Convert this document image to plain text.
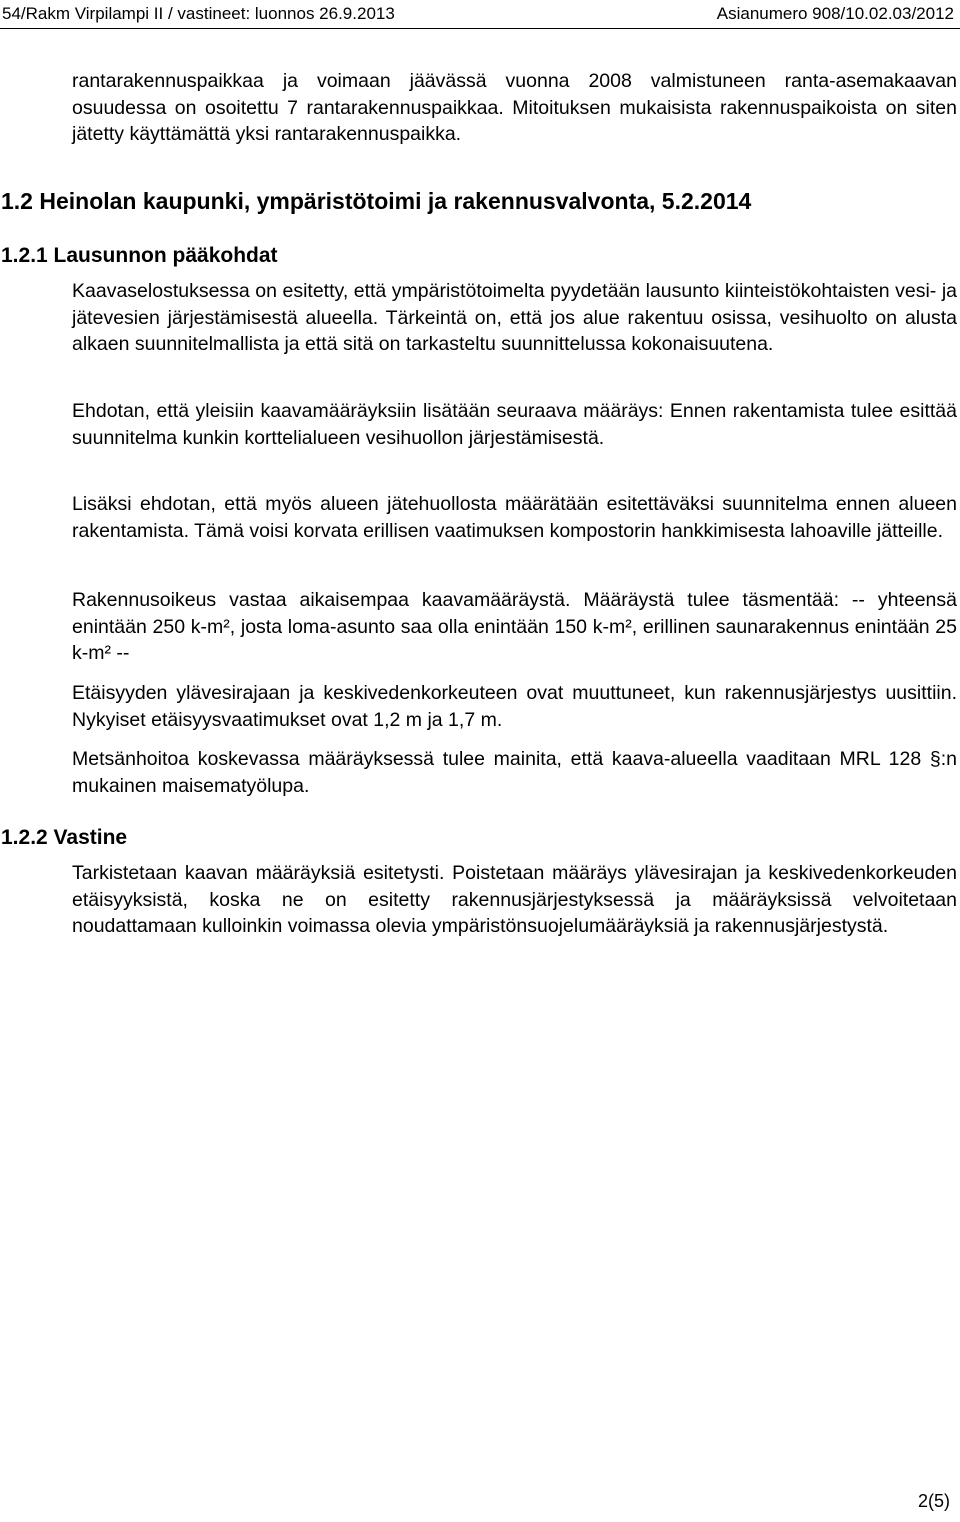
54/Rakm Virpilampi II / vastineet: luonnos 26.9.2013	Asianumero 908/10.02.03/2012

rantarakennuspaikkaa ja voimaan jäävässä vuonna 2008 valmistuneen ranta-asemakaavan osuudessa on osoitettu 7 rantarakennuspaikkaa. Mitoituksen mukaisista rakennuspaikoista on siten jätetty käyttämättä yksi rantarakennuspaikka.

1.2 Heinolan kaupunki, ympäristötoimi ja rakennusvalvonta, 5.2.2014
1.2.1 Lausunnon pääkohdat

Kaavaselostuksessa on esitetty, että ympäristötoimelta pyydetään lausunto kiinteistökohtaisten vesi- ja jätevesien järjestämisestä alueella. Tärkeintä on, että jos alue rakentuu osissa, vesihuolto on alusta alkaen suunnitelmallista ja että sitä on tarkasteltu suunnittelussa kokonaisuutena.

Ehdotan, että yleisiin kaavamääräyksiin lisätään seuraava määräys: Ennen rakentamista tulee esittää suunnitelma kunkin korttelialueen vesihuollon järjestämisestä.

Lisäksi ehdotan, että myös alueen jätehuollosta määrätään esitettäväksi suunnitelma ennen alueen rakentamista. Tämä voisi korvata erillisen vaatimuksen kompostorin hankkimisesta lahoaville jätteille.

Rakennusoikeus vastaa aikaisempaa kaavamääräystä. Määräystä tulee täsmentää: -- yhteensä enintään 250 k-m², josta loma-asunto saa olla enintään 150 k-m², erillinen saunarakennus enintään 25 k-m² --

Etäisyyden ylävesirajaan ja keskivedenkorkeuteen ovat muuttuneet, kun rakennusjärjestys uusittiin. Nykyiset etäisyysvaatimukset ovat 1,2 m ja 1,7 m.

Metsänhoitoa koskevassa määräyksessä tulee mainita, että kaava-alueella vaaditaan MRL 128 §:n mukainen maisematyölupa.

1.2.2 Vastine

Tarkistetaan kaavan määräyksiä esitetysti. Poistetaan määräys ylävesirajan ja keskivedenkorkeuden etäisyyksistä, koska ne on esitetty rakennusjärjestyksessä ja määräyksissä velvoitetaan noudattamaan kulloinkin voimassa olevia ympäristönsuojelumääräyksiä ja rakennusjärjestystä.

2(5)
